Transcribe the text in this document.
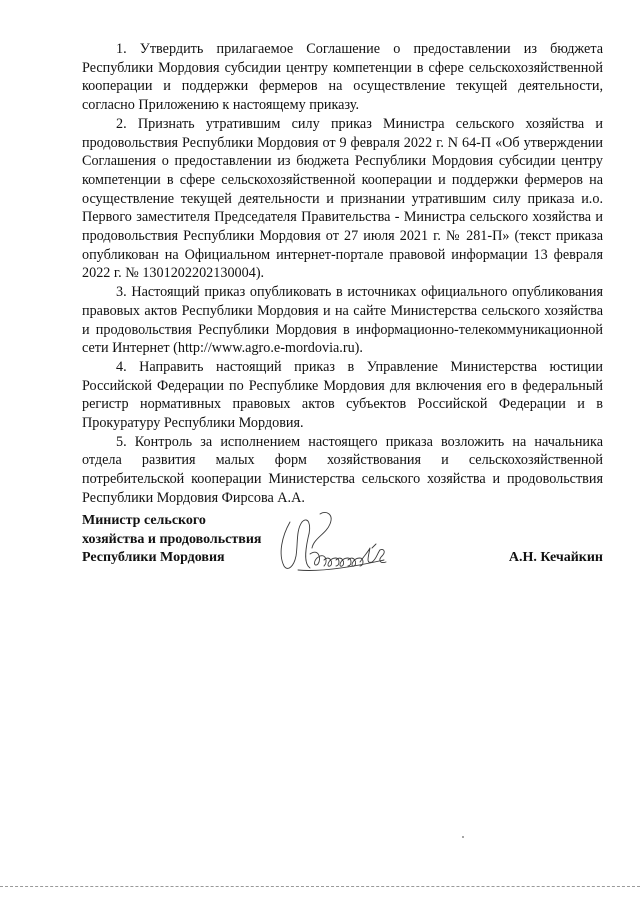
1. Утвердить прилагаемое Соглашение о предоставлении из бюджета Республики Мордовия субсидии центру компетенции в сфере сельскохозяйственной кооперации и поддержки фермеров на осуществление текущей деятельности, согласно Приложению к настоящему приказу.

2. Признать утратившим силу приказ Министра сельского хозяйства и продовольствия Республики Мордовия от 9 февраля 2022 г. N 64-П «Об утверждении Соглашения о предоставлении из бюджета Республики Мордовия субсидии центру компетенции в сфере сельскохозяйственной кооперации и поддержки фермеров на осуществление текущей деятельности и признании утратившим силу приказа и.о. Первого заместителя Председателя Правительства - Министра сельского хозяйства и продовольствия Республики Мордовия от 27 июля 2021 г. № 281-П» (текст приказа опубликован на Официальном интернет-портале правовой информации 13 февраля 2022 г. № 1301202202130004).

3. Настоящий приказ опубликовать в источниках официального опубликования правовых актов Республики Мордовия и на сайте Министерства сельского хозяйства и продовольствия Республики Мордовия в информационно-телекоммуникационной сети Интернет (http://www.agro.e-mordovia.ru).

4. Направить настоящий приказ в Управление Министерства юстиции Российской Федерации по Республике Мордовия для включения его в федеральный регистр нормативных правовых актов субъектов Российской Федерации и в Прокуратуру Республики Мордовия.

5. Контроль за исполнением настоящего приказа возложить на начальника отдела развития малых форм хозяйствования и сельскохозяйственной потребительской кооперации Министерства сельского хозяйства и продовольствия Республики Мордовия Фирсова А.А.

Министр сельского
хозяйства и продовольствия
Республики Мордовия	А.Н. Кечайкин
